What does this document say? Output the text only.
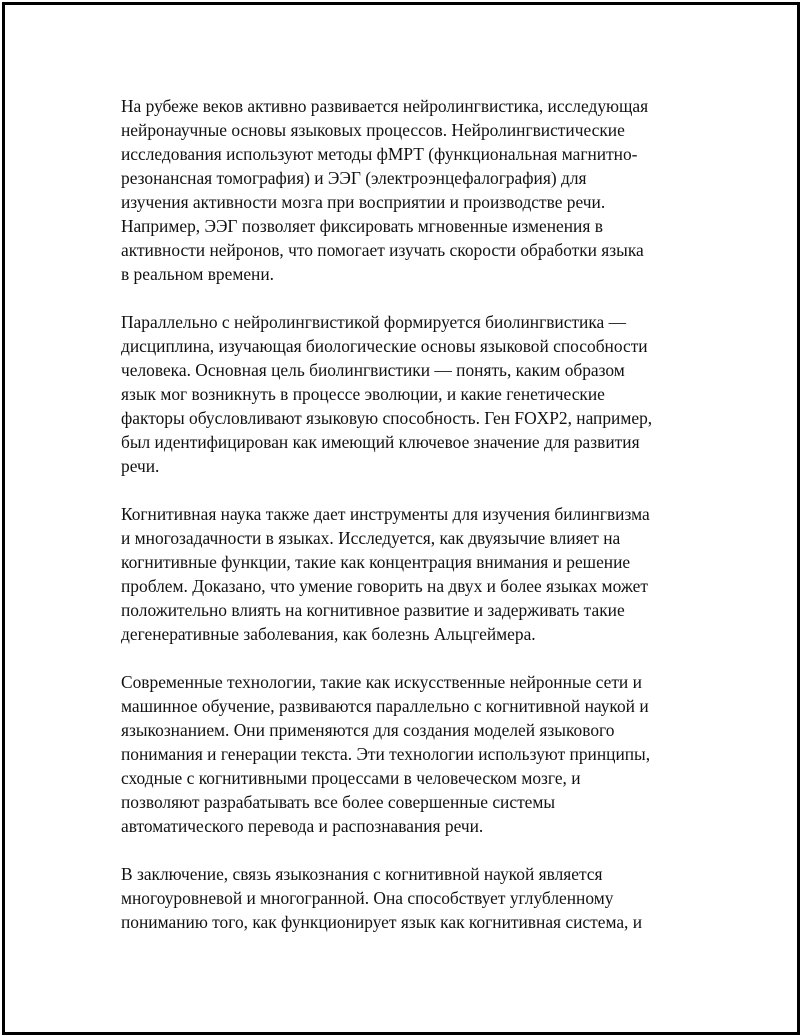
На рубеже веков активно развивается нейролингвистика, исследующая
нейронаучные основы языковых процессов. Нейролингвистические
исследования используют методы фМРТ (функциональная магнитно-
резонансная томография) и ЭЭГ (электроэнцефалография) для
изучения активности мозга при восприятии и производстве речи.
Например, ЭЭГ позволяет фиксировать мгновенные изменения в
активности нейронов, что помогает изучать скорости обработки языка
в реальном времени.

Параллельно с нейролингвистикой формируется биолингвистика —
дисциплина, изучающая биологические основы языковой способности
человека. Основная цель биолингвистики — понять, каким образом
язык мог возникнуть в процессе эволюции, и какие генетические
факторы обусловливают языковую способность. Ген FOXP2, например,
был идентифицирован как имеющий ключевое значение для развития
речи.

Когнитивная наука также дает инструменты для изучения билингвизма
и многозадачности в языках. Исследуется, как двуязычие влияет на
когнитивные функции, такие как концентрация внимания и решение
проблем. Доказано, что умение говорить на двух и более языках может
положительно влиять на когнитивное развитие и задерживать такие
дегенеративные заболевания, как болезнь Альцгеймера.

Современные технологии, такие как искусственные нейронные сети и
машинное обучение, развиваются параллельно с когнитивной наукой и
языкознанием. Они применяются для создания моделей языкового
понимания и генерации текста. Эти технологии используют принципы,
сходные с когнитивными процессами в человеческом мозге, и
позволяют разрабатывать все более совершенные системы
автоматического перевода и распознавания речи.

В заключение, связь языкознания с когнитивной наукой является
многоуровневой и многогранной. Она способствует углубленному
пониманию того, как функционирует язык как когнитивная система, и
